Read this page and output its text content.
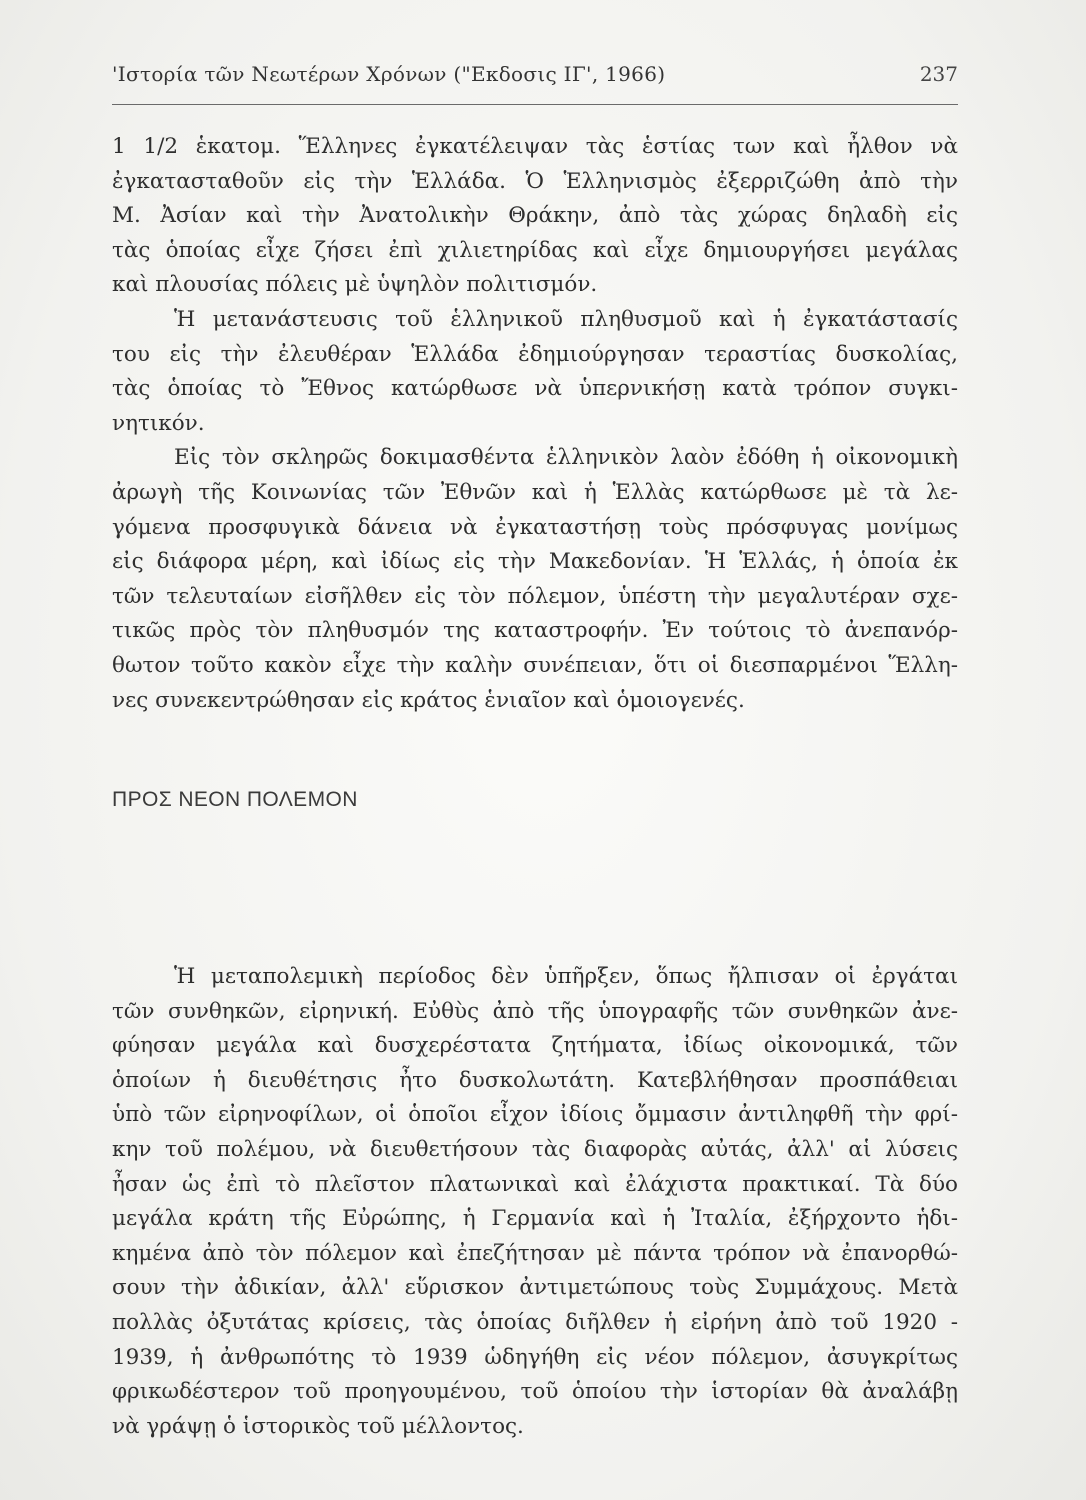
'Ιστορία τῶν Νεωτέρων Χρόνων ("Εκδοσις ΙΓ', 1966)	237
1 1/2 ἑκατομ. Ἕλληνες ἐγκατέλειψαν τὰς ἑστίας των καὶ ἦλθον νὰ
ἐγκατασταθοῦν εἰς τὴν Ἑλλάδα. Ὁ Ἑλληνισμὸς ἐξερριζώθη ἀπὸ τὴν
Μ. Ἀσίαν καὶ τὴν Ἀνατολικὴν Θράκην, ἀπὸ τὰς χώρας δηλαδὴ εἰς
τὰς ὁποίας εἶχε ζήσει ἐπὶ χιλιετηρίδας καὶ εἶχε δημιουργήσει μεγάλας
καὶ πλουσίας πόλεις μὲ ὑψηλὸν πολιτισμόν.
Ἡ μετανάστευσις τοῦ ἑλληνικοῦ πληθυσμοῦ καὶ ἡ ἐγκατάστασίς
του εἰς τὴν ἐλευθέραν Ἑλλάδα ἐδημιούργησαν τεραστίας δυσκολίας,
τὰς ὁποίας τὸ Ἔθνος κατώρθωσε νὰ ὑπερνικήσῃ κατὰ τρόπον συγκι-
νητικόν.
Εἰς τὸν σκληρῶς δοκιμασθέντα ἑλληνικὸν λαὸν ἐδόθη ἡ οἰκονομικὴ
ἀρωγὴ τῆς Κοινωνίας τῶν Ἐθνῶν καὶ ἡ Ἑλλὰς κατώρθωσε μὲ τὰ λε-
γόμενα προσφυγικὰ δάνεια νὰ ἐγκαταστήσῃ τοὺς πρόσφυγας μονίμως
εἰς διάφορα μέρη, καὶ ἰδίως εἰς τὴν Μακεδονίαν. Ἡ Ἑλλάς, ἡ ὁποία ἐκ
τῶν τελευταίων εἰσῆλθεν εἰς τὸν πόλεμον, ὑπέστη τὴν μεγαλυτέραν σχε-
τικῶς πρὸς τὸν πληθυσμόν της καταστροφήν. Ἐν τούτοις τὸ ἀνεπανόρ-
θωτον τοῦτο κακὸν εἶχε τὴν καλὴν συνέπειαν, ὅτι οἱ διεσπαρμένοι Ἕλλη-
νες συνεκεντρώθησαν εἰς κράτος ἑνιαῖον καὶ ὁμοιογενές.
ΠΡΟΣ ΝΕΟΝ ΠΟΛΕΜΟΝ
Ἡ μεταπολεμικὴ περίοδος δὲν ὑπῆρξεν, ὅπως ἤλπισαν οἱ ἐργάται
τῶν συνθηκῶν, εἰρηνική. Εὐθὺς ἀπὸ τῆς ὑπογραφῆς τῶν συνθηκῶν ἀνε-
φύησαν μεγάλα καὶ δυσχερέστατα ζητήματα, ἰδίως οἰκονομικά, τῶν
ὁποίων ἡ διευθέτησις ἦτο δυσκολωτάτη. Κατεβλήθησαν προσπάθειαι
ὑπὸ τῶν εἰρηνοφίλων, οἱ ὁποῖοι εἶχον ἰδίοις ὄμμασιν ἀντιληφθῆ τὴν φρί-
κην τοῦ πολέμου, νὰ διευθετήσουν τὰς διαφορὰς αὐτάς, ἀλλ' αἱ λύσεις
ἦσαν ὡς ἐπὶ τὸ πλεῖστον πλατωνικαὶ καὶ ἐλάχιστα πρακτικαί. Τὰ δύο
μεγάλα κράτη τῆς Εὐρώπης, ἡ Γερμανία καὶ ἡ Ἰταλία, ἐξήρχοντο ἡδι-
κημένα ἀπὸ τὸν πόλεμον καὶ ἐπεζήτησαν μὲ πάντα τρόπον νὰ ἐπανορθώ-
σουν τὴν ἀδικίαν, ἀλλ' εὕρισκον ἀντιμετώπους τοὺς Συμμάχους. Μετὰ
πολλὰς ὀξυτάτας κρίσεις, τὰς ὁποίας διῆλθεν ἡ εἰρήνη ἀπὸ τοῦ 1920 -
1939, ἡ ἀνθρωπότης τὸ 1939 ὡδηγήθη εἰς νέον πόλεμον, ἀσυγκρίτως
φρικωδέστερον τοῦ προηγουμένου, τοῦ ὁποίου τὴν ἱστορίαν θὰ ἀναλάβῃ
νὰ γράψῃ ὁ ἱστορικὸς τοῦ μέλλοντος.
